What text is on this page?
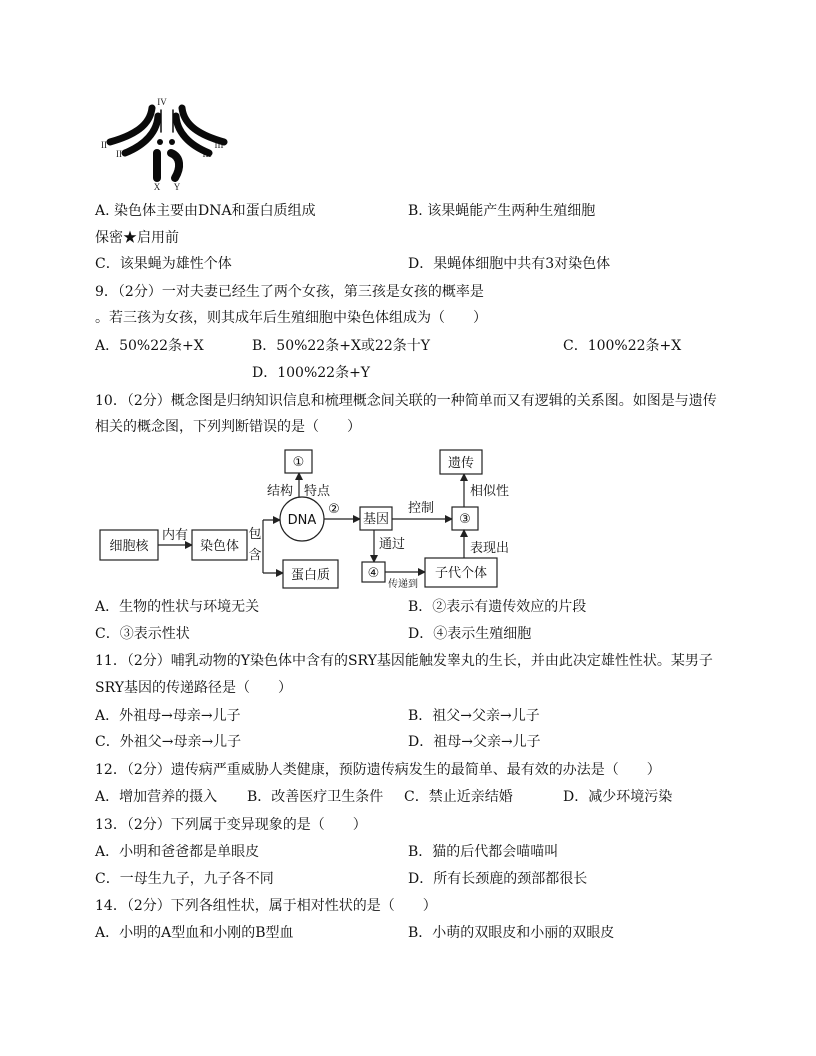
IV
II
II
III
III
X Y
A. 染色体主要由DNA和蛋白质组成	B. 该果蝇能产生两种生殖细胞
保密★启用前
C．该果蝇为雄性个体	D．果蝇体细胞中共有3对染色体
9．（2分）一对夫妻已经生了两个女孩，第三孩是女孩的概率是
。若三孩为女孩，则其成年后生殖细胞中染色体组成为（　　）
A．50%22条+X	B．50%22条+X或22条十Y	C．100%22条+X
D．100%22条+Y
10．（2分）概念图是归纳知识信息和梳理概念间关联的一种简单而又有逻辑的关系图。如图是与遗传
相关的概念图，下列判断错误的是（　　）
细胞核
内有
染色体
包
含
DNA
蛋白质
①
结构 特点
②
基因
控制
③
遗传
相似性
通过
④
传递到
子代个体
表现出
A．生物的性状与环境无关	B．②表示有遗传效应的片段
C．③表示性状	D．④表示生殖细胞
11．（2分）哺乳动物的Y染色体中含有的SRY基因能触发睾丸的生长，并由此决定雄性性状。某男子
SRY基因的传递路径是（　　）
A．外祖母→母亲→儿子	B．祖父→父亲→儿子
C．外祖父→母亲→儿子	D．祖母→父亲→儿子
12．（2分）遗传病严重威胁人类健康，预防遗传病发生的最简单、最有效的办法是（　　）
A．增加营养的摄入 B．改善医疗卫生条件 C．禁止近亲结婚	D．减少环境污染
13．（2分）下列属于变异现象的是（　　）
A．小明和爸爸都是单眼皮	B．猫的后代都会喵喵叫
C．一母生九子，九子各不同	D．所有长颈鹿的颈部都很长
14．（2分）下列各组性状，属于相对性状的是（　　）
A．小明的A型血和小刚的B型血	B．小萌的双眼皮和小丽的双眼皮
